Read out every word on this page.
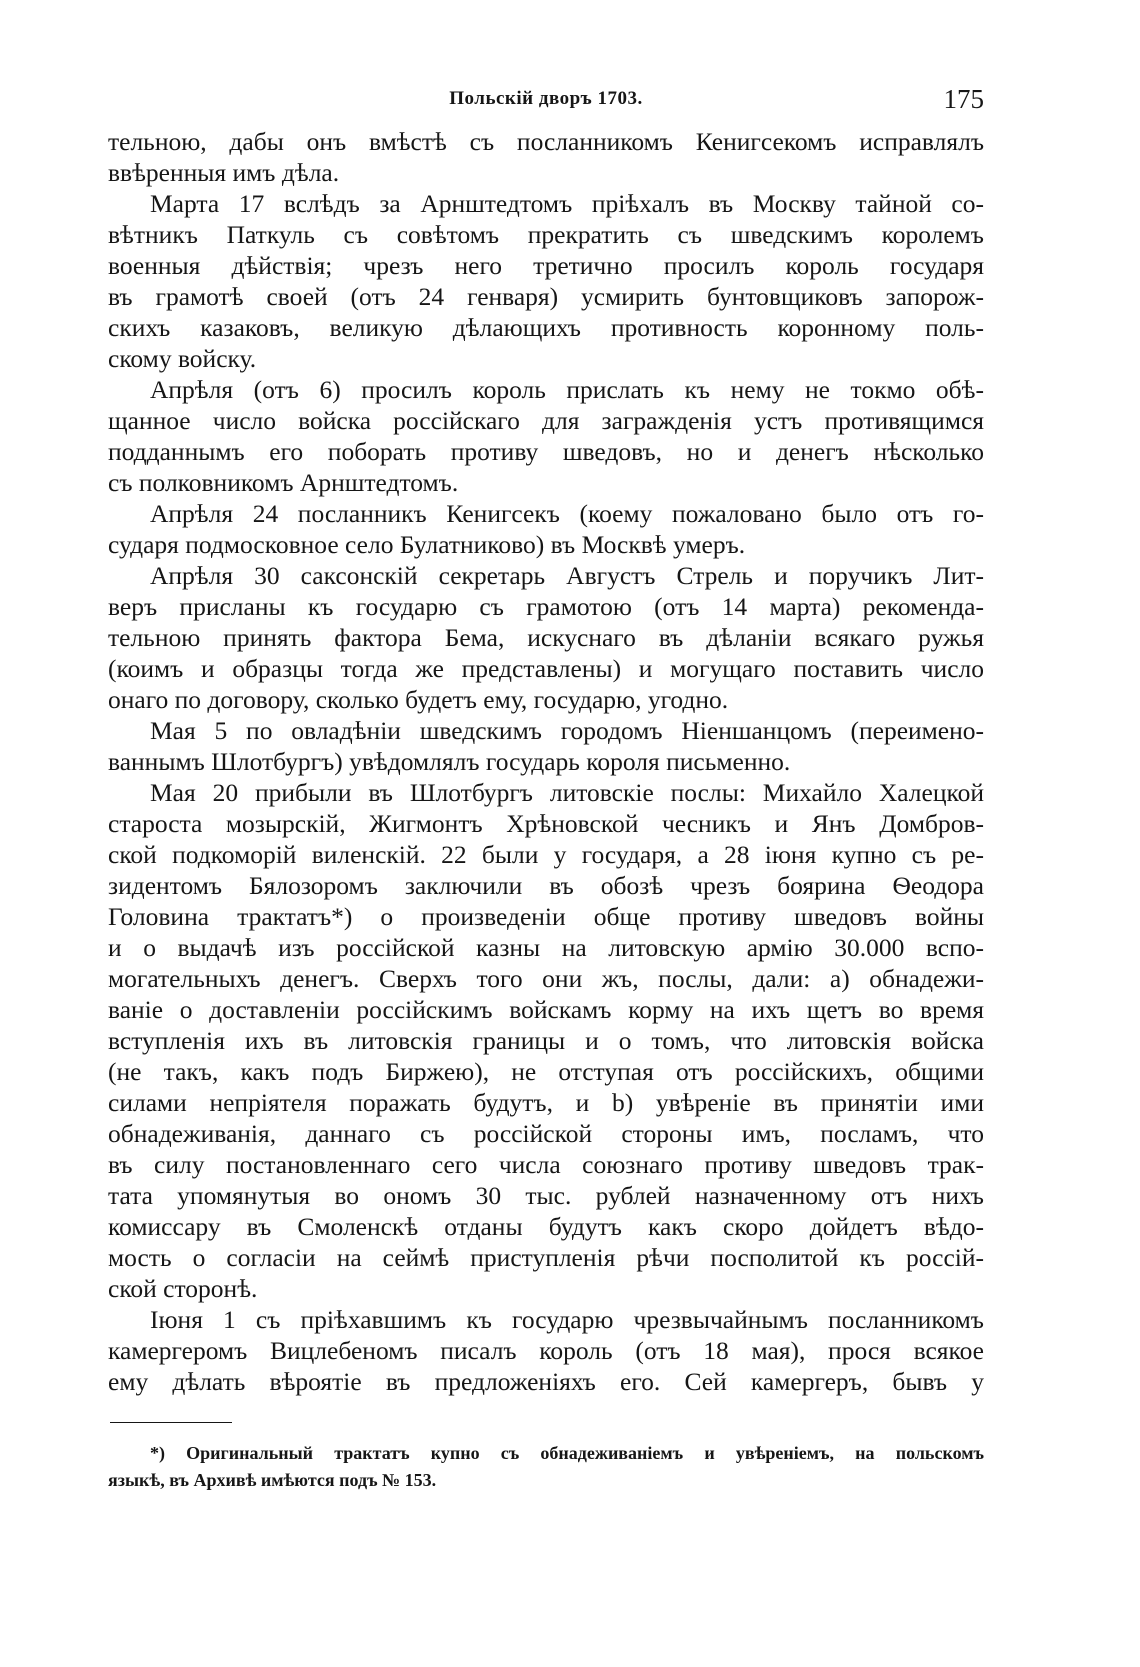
Польскій дворъ 1703.	175
тельною, дабы онъ вмѣстѣ съ посланникомъ Кенигсекомъ исправлялъ
ввѣренныя имъ дѣла.
Марта 17 вслѣдъ за Арнштедтомъ пріѣхалъ въ Москву тайной со-
вѣтникъ Паткуль съ совѣтомъ прекратить съ шведскимъ королемъ
военныя дѣйствія; чрезъ него третично просилъ король государя
въ грамотѣ своей (отъ 24 генваря) усмирить бунтовщиковъ запорож-
скихъ казаковъ, великую дѣлающихъ противность коронному поль-
скому войску.
Апрѣля (отъ 6) просилъ король прислать къ нему не токмо обѣ-
щанное число войска россійскаго для загражденія устъ противящимся
подданнымъ его поборать противу шведовъ, но и денегъ нѣсколько
съ полковникомъ Арнштедтомъ.
Апрѣля 24 посланникъ Кенигсекъ (коему пожаловано было отъ го-
сударя подмосковное село Булатниково) въ Москвѣ умеръ.
Апрѣля 30 саксонскій секретарь Августъ Стрель и поручикъ Лит-
веръ присланы къ государю съ грамотою (отъ 14 марта) рекоменда-
тельною принять фактора Бема, искуснаго въ дѣланіи всякаго ружья
(коимъ и образцы тогда же представлены) и могущаго поставить число
онаго по договору, сколько будетъ ему, государю, угодно.
Мая 5 по овладѣніи шведскимъ городомъ Ніеншанцомъ (переимено-
ваннымъ Шлотбургъ) увѣдомлялъ государь короля письменно.
Мая 20 прибыли въ Шлотбургъ литовскіе послы: Михайло Халецкой
староста мозырскій, Жигмонтъ Хрѣновской чесникъ и Янъ Домбров-
ской подкоморій виленскій. 22 были у государя, а 28 іюня купно съ ре-
зидентомъ Бялозоромъ заключили въ обозѣ чрезъ боярина Ѳеодора
Головина трактатъ*) о произведеніи обще противу шведовъ войны
и о выдачѣ изъ россійской казны на литовскую армію 30.000 вспо-
могательныхъ денегъ. Сверхъ того они жъ, послы, дали: а) обнадежи-
ваніе о доставленіи россійскимъ войскамъ корму на ихъ щетъ во время
вступленія ихъ въ литовскія границы и о томъ, что литовскія войска
(не такъ, какъ подъ Биржею), не отступая отъ россійскихъ, общими
силами непріятеля поражать будутъ, и b) увѣреніе въ принятіи ими
обнадеживанія, даннаго съ россійской стороны имъ, посламъ, что
въ силу постановленнаго сего числа союзнаго противу шведовъ трак-
тата упомянутыя во ономъ 30 тыс. рублей назначенному отъ нихъ
комиссару въ Смоленскѣ отданы будутъ какъ скоро дойдетъ вѣдо-
мость о согласіи на сеймѣ приступленія рѣчи посполитой къ россій-
ской сторонѣ.
Іюня 1 съ пріѣхавшимъ къ государю чрезвычайнымъ посланникомъ
камергеромъ Вицлебеномъ писалъ король (отъ 18 мая), прося всякое
ему дѣлать вѣроятіе въ предложеніяхъ его. Сей камергеръ, бывъ у
*) Оригинальный трактатъ купно съ обнадеживаніемъ и увѣреніемъ, на польскомъ
языкѣ, въ Архивѣ имѣются подъ № 153.
